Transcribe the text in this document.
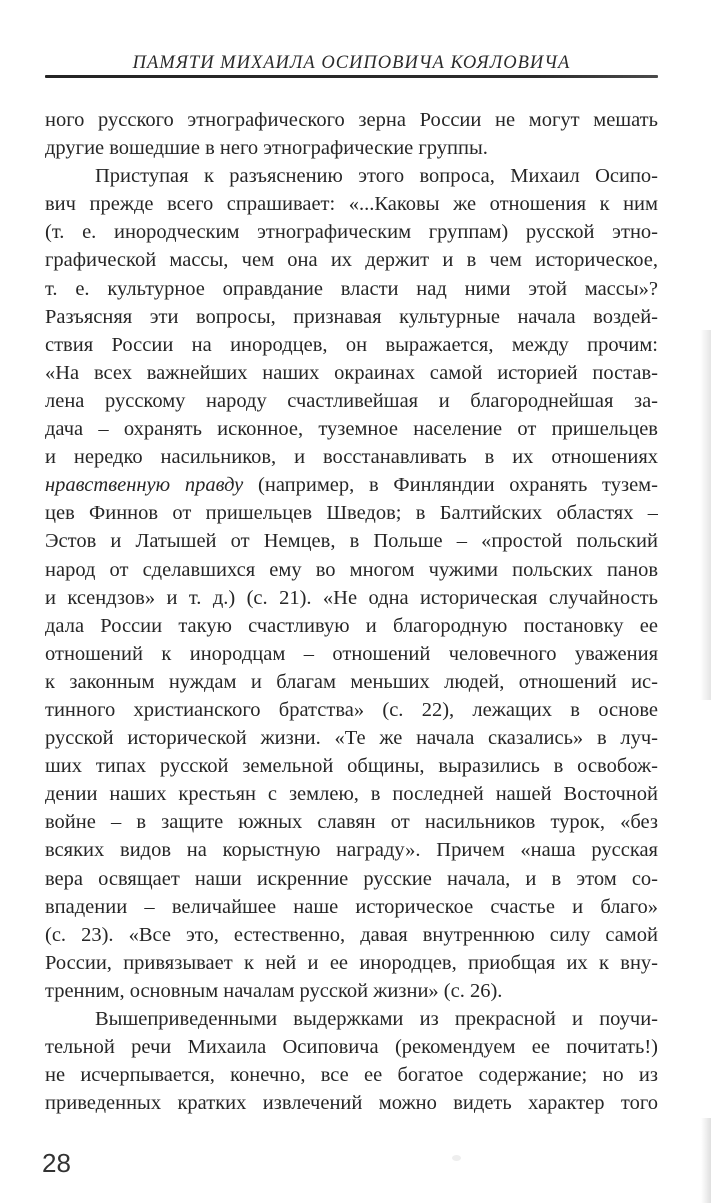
ПАМЯТИ МИХАИЛА ОСИПОВИЧА КОЯЛОВИЧА
ного русского этнографического зерна России не могут мешать
другие вошедшие в него этнографические группы.
Приступая к разъяснению этого вопроса, Михаил Осипо-
вич прежде всего спрашивает: «...Каковы же отношения к ним
(т. е. инородческим этнографическим группам) русской этно-
графической массы, чем она их держит и в чем историческое,
т. е. культурное оправдание власти над ними этой массы»?
Разъясняя эти вопросы, признавая культурные начала воздей-
ствия России на инородцев, он выражается, между прочим:
«На всех важнейших наших окраинах самой историей постав-
лена русскому народу счастливейшая и благороднейшая за-
дача – охранять исконное, туземное население от пришельцев
и нередко насильников, и восстанавливать в их отношениях
нравственную правду (например, в Финляндии охранять тузем-
цев Финнов от пришельцев Шведов; в Балтийских областях –
Эстов и Латышей от Немцев, в Польше – «простой польский
народ от сделавшихся ему во многом чужими польских панов
и ксендзов» и т. д.) (с. 21). «Не одна историческая случайность
дала России такую счастливую и благородную постановку ее
отношений к инородцам – отношений человечного уважения
к законным нуждам и благам меньших людей, отношений ис-
тинного христианского братства» (с. 22), лежащих в основе
русской исторической жизни. «Те же начала сказались» в луч-
ших типах русской земельной общины, выразились в освобож-
дении наших крестьян с землею, в последней нашей Восточной
войне – в защите южных славян от насильников турок, «без
всяких видов на корыстную награду». Причем «наша русская
вера освящает наши искренние русские начала, и в этом со-
впадении – величайшее наше историческое счастье и благо»
(с. 23). «Все это, естественно, давая внутреннюю силу самой
России, привязывает к ней и ее инородцев, приобщая их к вну-
тренним, основным началам русской жизни» (с. 26).
Вышеприведенными выдержками из прекрасной и поучи-
тельной речи Михаила Осиповича (рекомендуем ее почитать!)
не исчерпывается, конечно, все ее богатое содержание; но из
приведенных кратких извлечений можно видеть характер того
28
